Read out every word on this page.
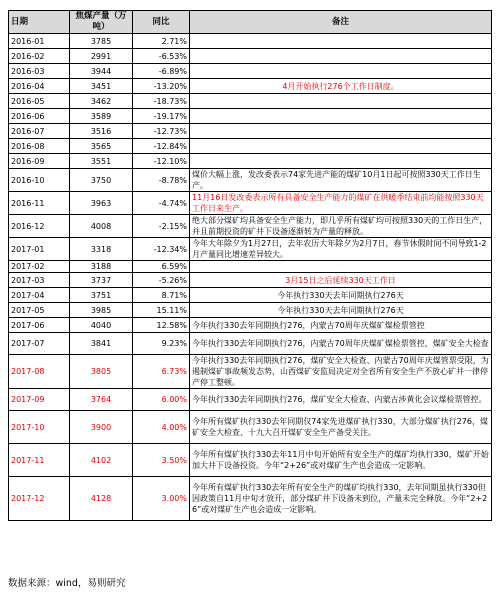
日期	焦煤产量（万吨）	同比	备注
2016-01	3785	2.71%	
2016-02	2991	-6.53%	
2016-03	3944	-6.89%	
2016-04	3451	-13.20%	4月开始执行276个工作日制度。
2016-05	3462	-18.73%	
2016-06	3589	-19.17%	
2016-07	3516	-12.73%	
2016-08	3565	-12.84%	
2016-09	3551	-12.10%	
2016-10	3750	-8.78%	煤价大幅上涨，发改委表示74家先进产能的煤矿10月1日起可按照330天工作日生产。
2016-11	3963	-4.74%	11月16日发改委表示所有具备安全生产能力的煤矿在供暖季结束前均能按照330天工作日来生产。
2016-12	4008	-2.15%	绝大部分煤矿均具备安全生产能力，即几乎所有煤矿均可按照330天的工作日生产，并且前期投资的矿井下设备逐渐转为产量的释放。
2017-01	3318	-12.34%	今年大年除夕为1月27日，去年农历大年除夕为2月7日，春节休假时间不同导致1-2月产量同比增速差异较大。
2017-02	3188	6.59%	
2017-03	3737	-5.26%	3月15日之后延续330天工作日
2017-04	3751	8.71%	今年执行330天去年同期执行276天
2017-05	3985	15.11%	今年执行330天去年同期执行276天
2017-06	4040	12.58%	今年执行330去年同期执行276，内蒙古70周年庆煤矿煤检票管控
2017-07	3841	9.23%	今年执行330去年同期执行276，内蒙古70周年庆煤矿煤检票管控，煤矿安全大检查
2017-08	3805	6.73%	今年执行330去年同期执行276，煤矿安全大检查、内蒙古70周年庆煤管票受限，为遏制煤矿事故频发态势，山西煤矿安监局决定对全省所有安全生产不放心矿井一律停产停工整顿。
2017-09	3764	6.00%	今年执行330去年同期执行276，煤矿安全大检查、内蒙古涉黄化会议煤检票管控。
2017-10	3900	4.00%	今年所有煤矿执行330去年同期仅74家先进煤矿执行330，大部分煤矿执行276，煤矿安全大检查、十九大召开煤矿安全生产备受关注。
2017-11	4102	3.50%	今年所有煤矿执行330去年11月中旬开始所有安全生产的煤矿均执行330，煤矿开始加大井下设备投资。今年“2+26”或对煤矿生产也会造成一定影响。
2017-12	4128	3.00%	今年所有煤矿执行330去年所有安全生产的煤矿均执行330，去年同期虽执行330但因政策自11月中旬才放开，部分煤矿井下设备未到位，产量未完全释放。今年“2+26”或对煤矿生产也会造成一定影响。
数据来源：wind，易则研究
